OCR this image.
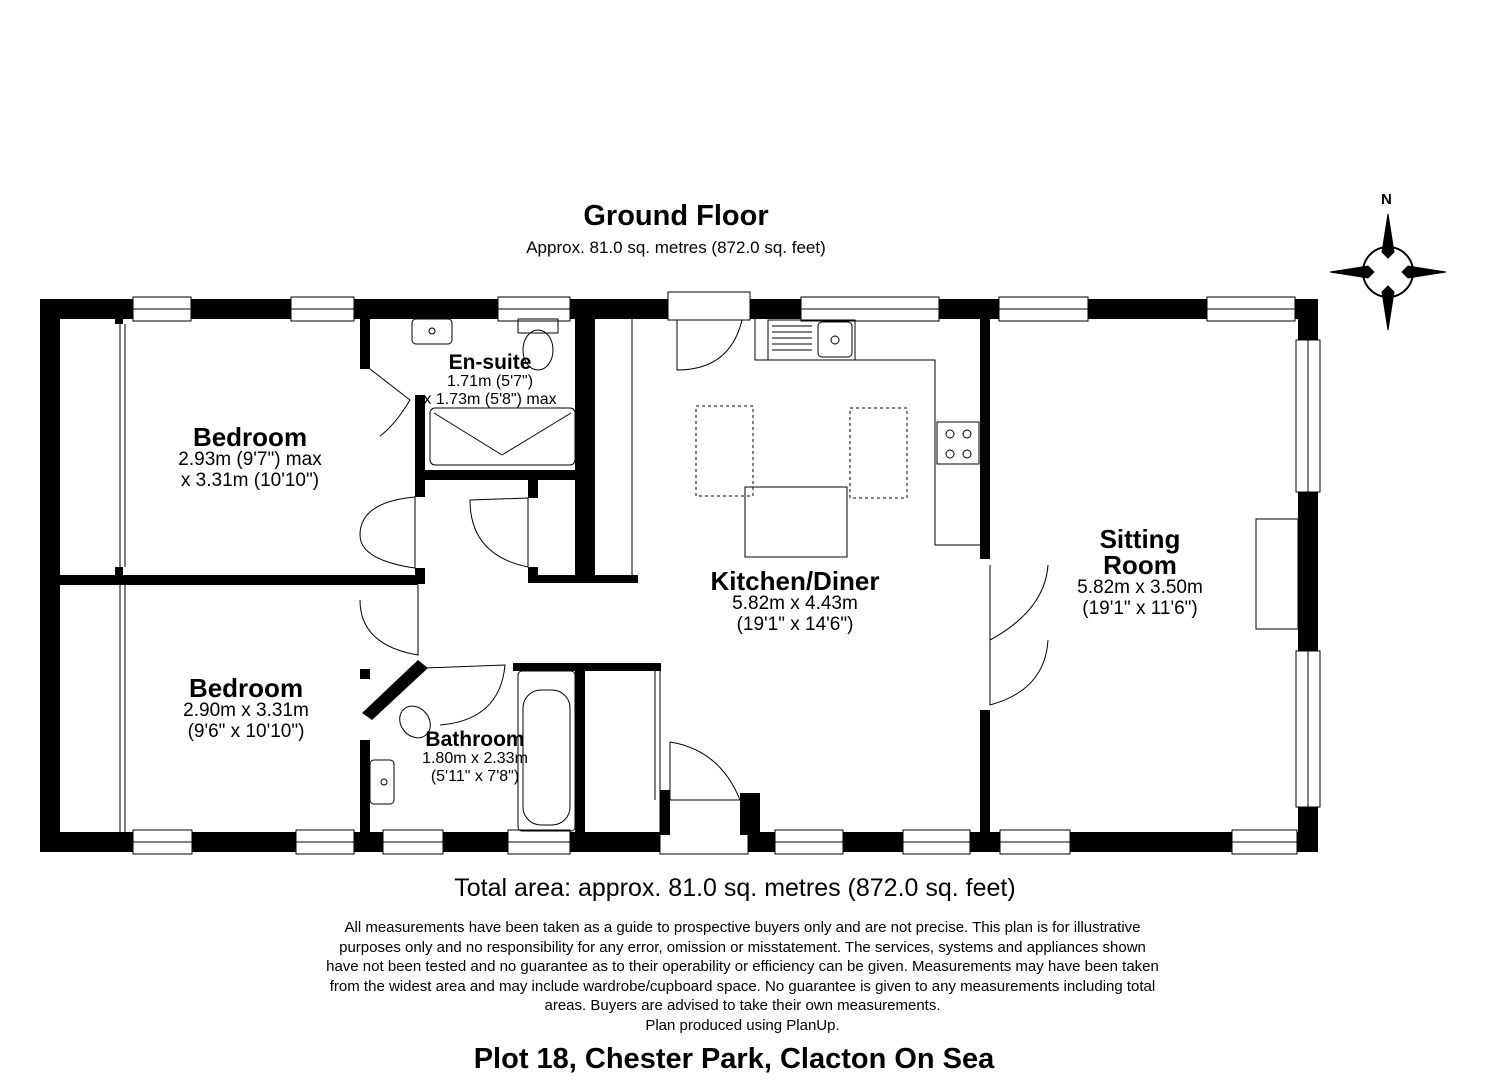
Ground Floor
Approx. 81.0 sq. metres (872.0 sq. feet)
N
Bedroom
2.93m (9'7") max
x 3.31m (10'10")
En-suite
1.71m (5'7")
x 1.73m (5'8") max
Kitchen/Diner
5.82m x 4.43m
(19'1" x 14'6")
Sitting
Room
5.82m x 3.50m
(19'1" x 11'6")
Bedroom
2.90m x 3.31m
(9'6" x 10'10")	Bathroom
1.80m x 2.33m
(5'11" x 7'8")
Total area: approx. 81.0 sq. metres (872.0 sq. feet)
All measurements have been taken as a guide to prospective buyers only and are not precise. This plan is for illustrative
purposes only and no responsibility for any error, omission or misstatement. The services, systems and appliances shown
have not been tested and no guarantee as to their operability or efficiency can be given. Measurements may have been taken
from the widest area and may include wardrobe/cupboard space. No guarantee is given to any measurements including total
areas. Buyers are advised to take their own measurements.
Plan produced using PlanUp.
Plot 18, Chester Park, Clacton On Sea
